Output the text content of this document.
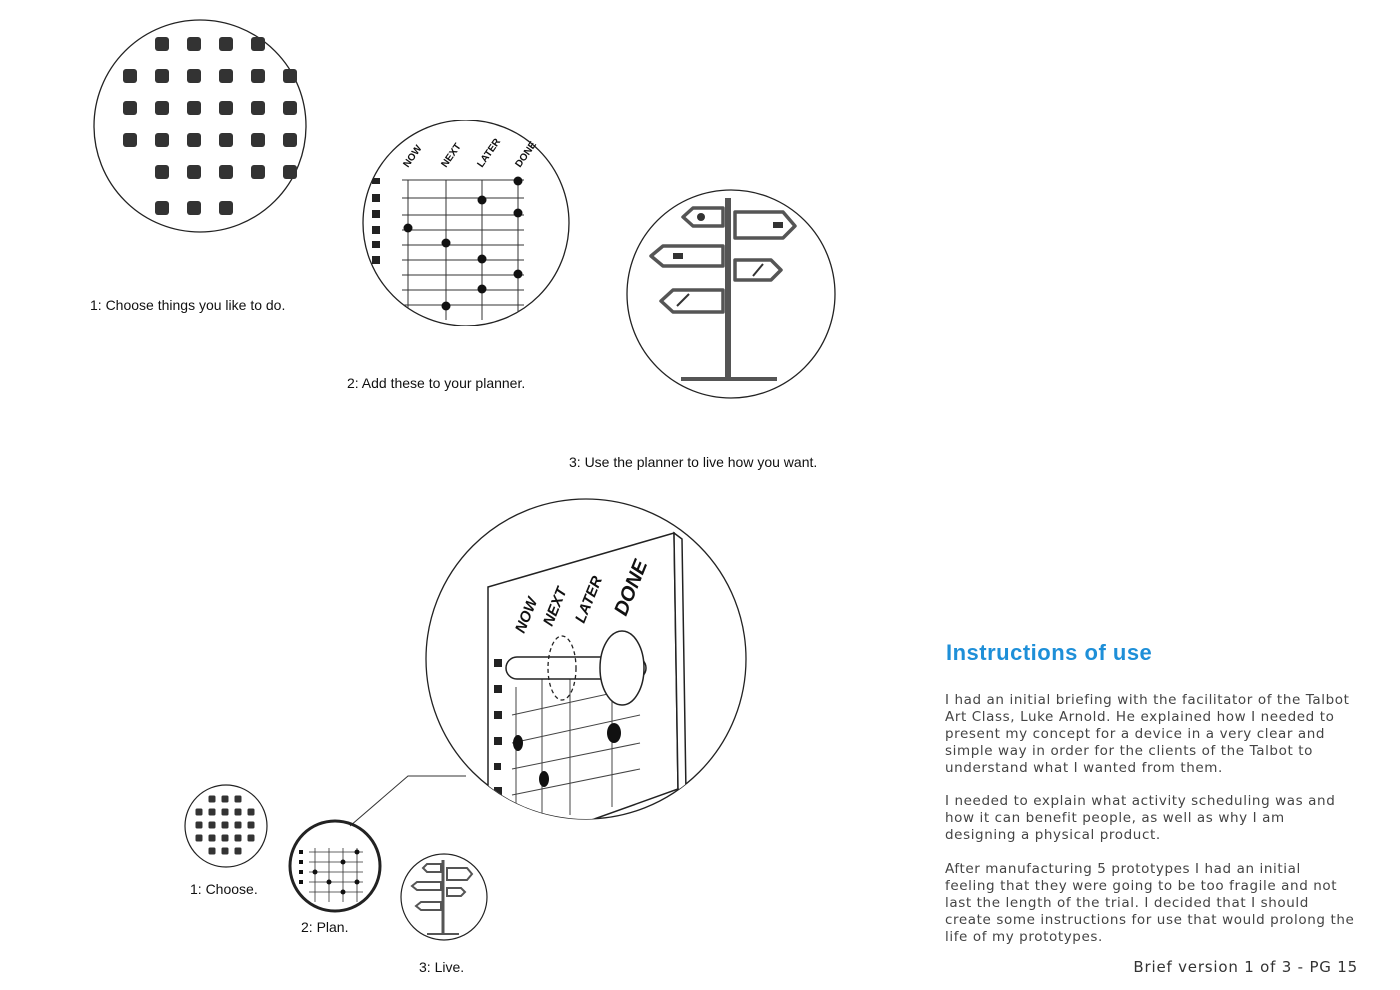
1: Choose things you like to do.
NOW NEXT LATER DONE
2: Add these to your planner.
3: Use the planner to live how you want.
NOW
NEXT LATER DONE
1: Choose.
2: Plan.
3: Live.
Instructions of use
I had an initial briefing with the facilitator of the Talbot Art Class, Luke Arnold. He explained how I needed to present my concept for a device in a very clear and simple way in order for the clients of the Talbot to understand what I wanted from them.
I needed to explain what activity scheduling was and how it can benefit people, as well as why I am designing a physical product.
After manufacturing 5 prototypes I had an initial feeling that they were going to be too fragile and not last the length of the trial. I decided that I should create some instructions for use that would prolong the life of my prototypes.
Brief version 1 of 3 - PG 15
